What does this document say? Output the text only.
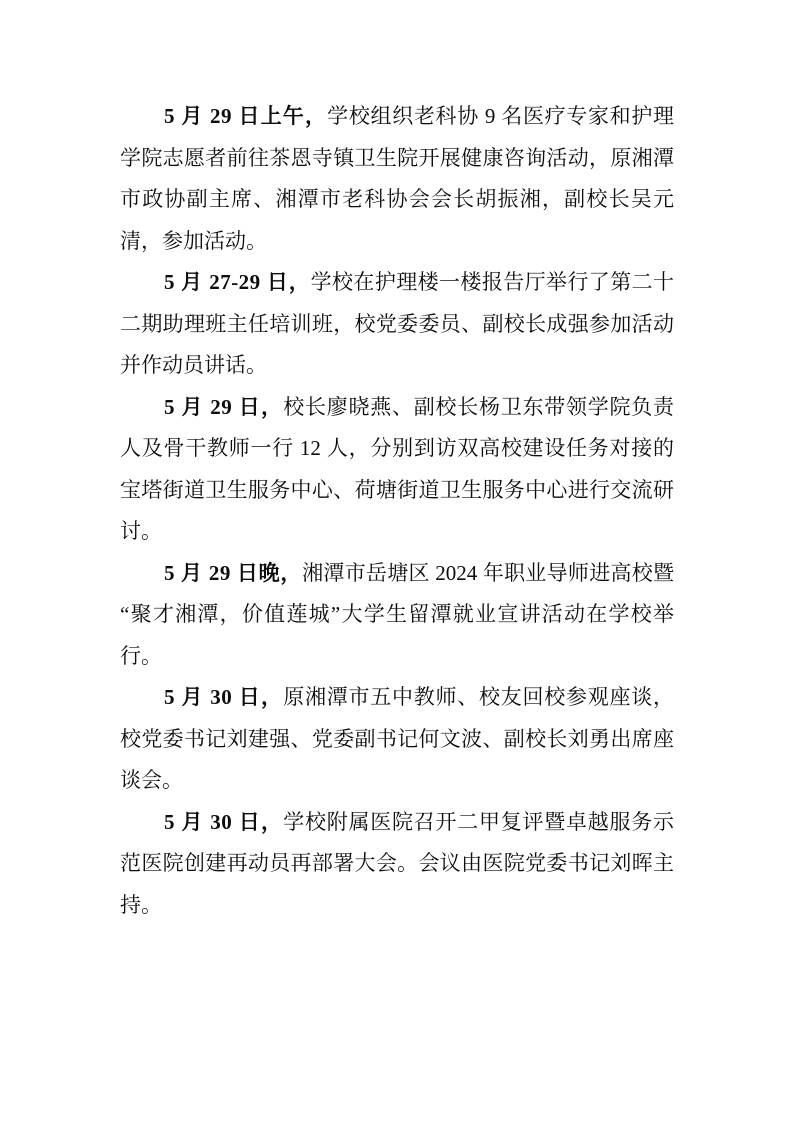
5 月 29 日上午，学校组织老科协 9 名医疗专家和护理学院志愿者前往茶恩寺镇卫生院开展健康咨询活动，原湘潭市政协副主席、湘潭市老科协会会长胡振湘，副校长吴元清，参加活动。

5 月 27-29 日，学校在护理楼一楼报告厅举行了第二十二期助理班主任培训班，校党委委员、副校长成强参加活动并作动员讲话。

5 月 29 日，校长廖晓燕、副校长杨卫东带领学院负责人及骨干教师一行 12 人，分别到访双高校建设任务对接的宝塔街道卫生服务中心、荷塘街道卫生服务中心进行交流研讨。

5 月 29 日晚，湘潭市岳塘区 2024 年职业导师进高校暨“聚才湘潭，价值莲城”大学生留潭就业宣讲活动在学校举行。

5 月 30 日，原湘潭市五中教师、校友回校参观座谈，校党委书记刘建强、党委副书记何文波、副校长刘勇出席座谈会。

5 月 30 日，学校附属医院召开二甲复评暨卓越服务示范医院创建再动员再部署大会。会议由医院党委书记刘晖主持。
